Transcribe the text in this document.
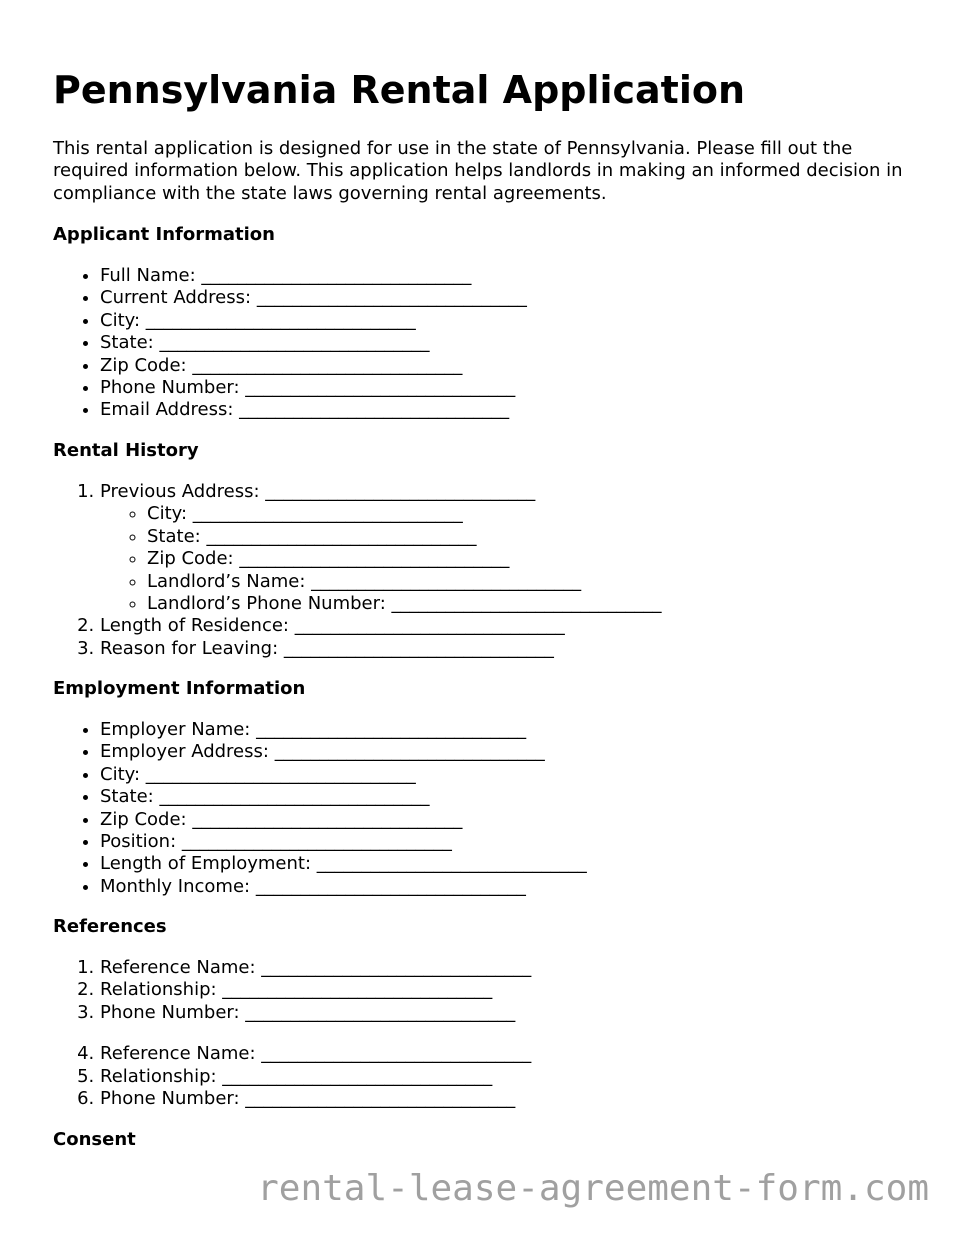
Pennsylvania Rental Application

This rental application is designed for use in the state of Pennsylvania. Please fill out the required information below. This application helps landlords in making an informed decision in compliance with the state laws governing rental agreements.

Applicant Information
• Full Name: ______________________________
• Current Address: ______________________________
• City: ______________________________
• State: ______________________________
• Zip Code: ______________________________
• Phone Number: ______________________________
• Email Address: ______________________________
Rental History
1. Previous Address: ______________________________
◦ City: ______________________________
◦ State: ______________________________
◦ Zip Code: ______________________________
◦ Landlord’s Name: ______________________________
◦ Landlord’s Phone Number: ______________________________
2. Length of Residence: ______________________________
3. Reason for Leaving: ______________________________
Employment Information
• Employer Name: ______________________________
• Employer Address: ______________________________
• City: ______________________________
• State: ______________________________
• Zip Code: ______________________________
• Position: ______________________________
• Length of Employment: ______________________________
• Monthly Income: ______________________________
References
1. Reference Name: ______________________________
2. Relationship: ______________________________
3. Phone Number: ______________________________
4. Reference Name: ______________________________
5. Relationship: ______________________________
6. Phone Number: ______________________________
Consent
rental-lease-agreement-form.com
